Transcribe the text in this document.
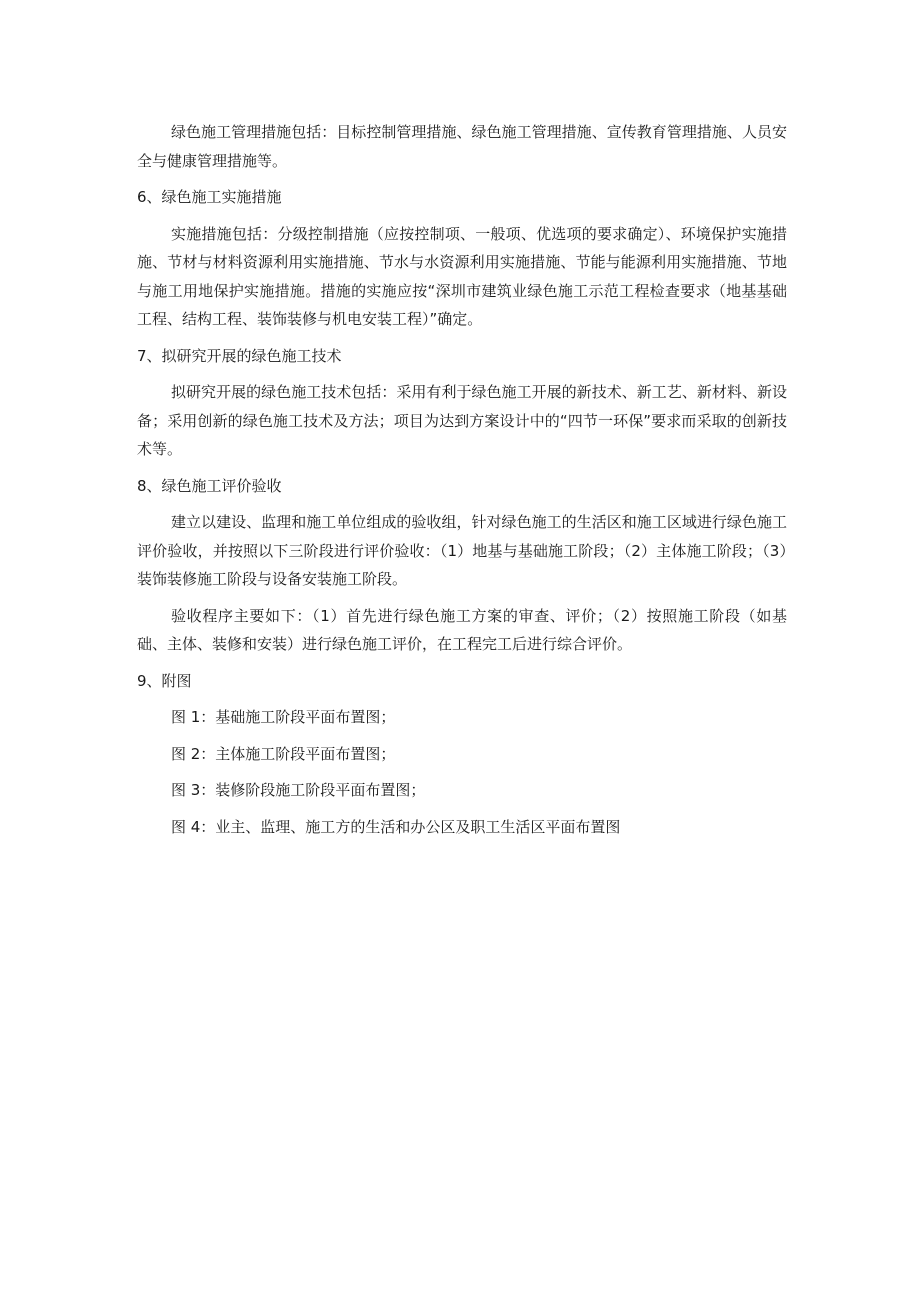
绿色施工管理措施包括：目标控制管理措施、绿色施工管理措施、宣传教育管理措施、人员安全与健康管理措施等。

6、绿色施工实施措施

实施措施包括：分级控制措施（应按控制项、一般项、优选项的要求确定）、环境保护实施措施、节材与材料资源利用实施措施、节水与水资源利用实施措施、节能与能源利用实施措施、节地与施工用地保护实施措施。措施的实施应按“深圳市建筑业绿色施工示范工程检查要求（地基基础工程、结构工程、装饰装修与机电安装工程）”确定。

7、拟研究开展的绿色施工技术

拟研究开展的绿色施工技术包括：采用有利于绿色施工开展的新技术、新工艺、新材料、新设备；采用创新的绿色施工技术及方法；项目为达到方案设计中的“四节一环保”要求而采取的创新技术等。

8、绿色施工评价验收

建立以建设、监理和施工单位组成的验收组，针对绿色施工的生活区和施工区域进行绿色施工评价验收，并按照以下三阶段进行评价验收：（1）地基与基础施工阶段；（2）主体施工阶段；（3）装饰装修施工阶段与设备安装施工阶段。

验收程序主要如下：（1）首先进行绿色施工方案的审查、评价；（2）按照施工阶段（如基础、主体、装修和安装）进行绿色施工评价，在工程完工后进行综合评价。

9、附图

图 1：基础施工阶段平面布置图；

图 2：主体施工阶段平面布置图；

图 3：装修阶段施工阶段平面布置图；

图 4：业主、监理、施工方的生活和办公区及职工生活区平面布置图
